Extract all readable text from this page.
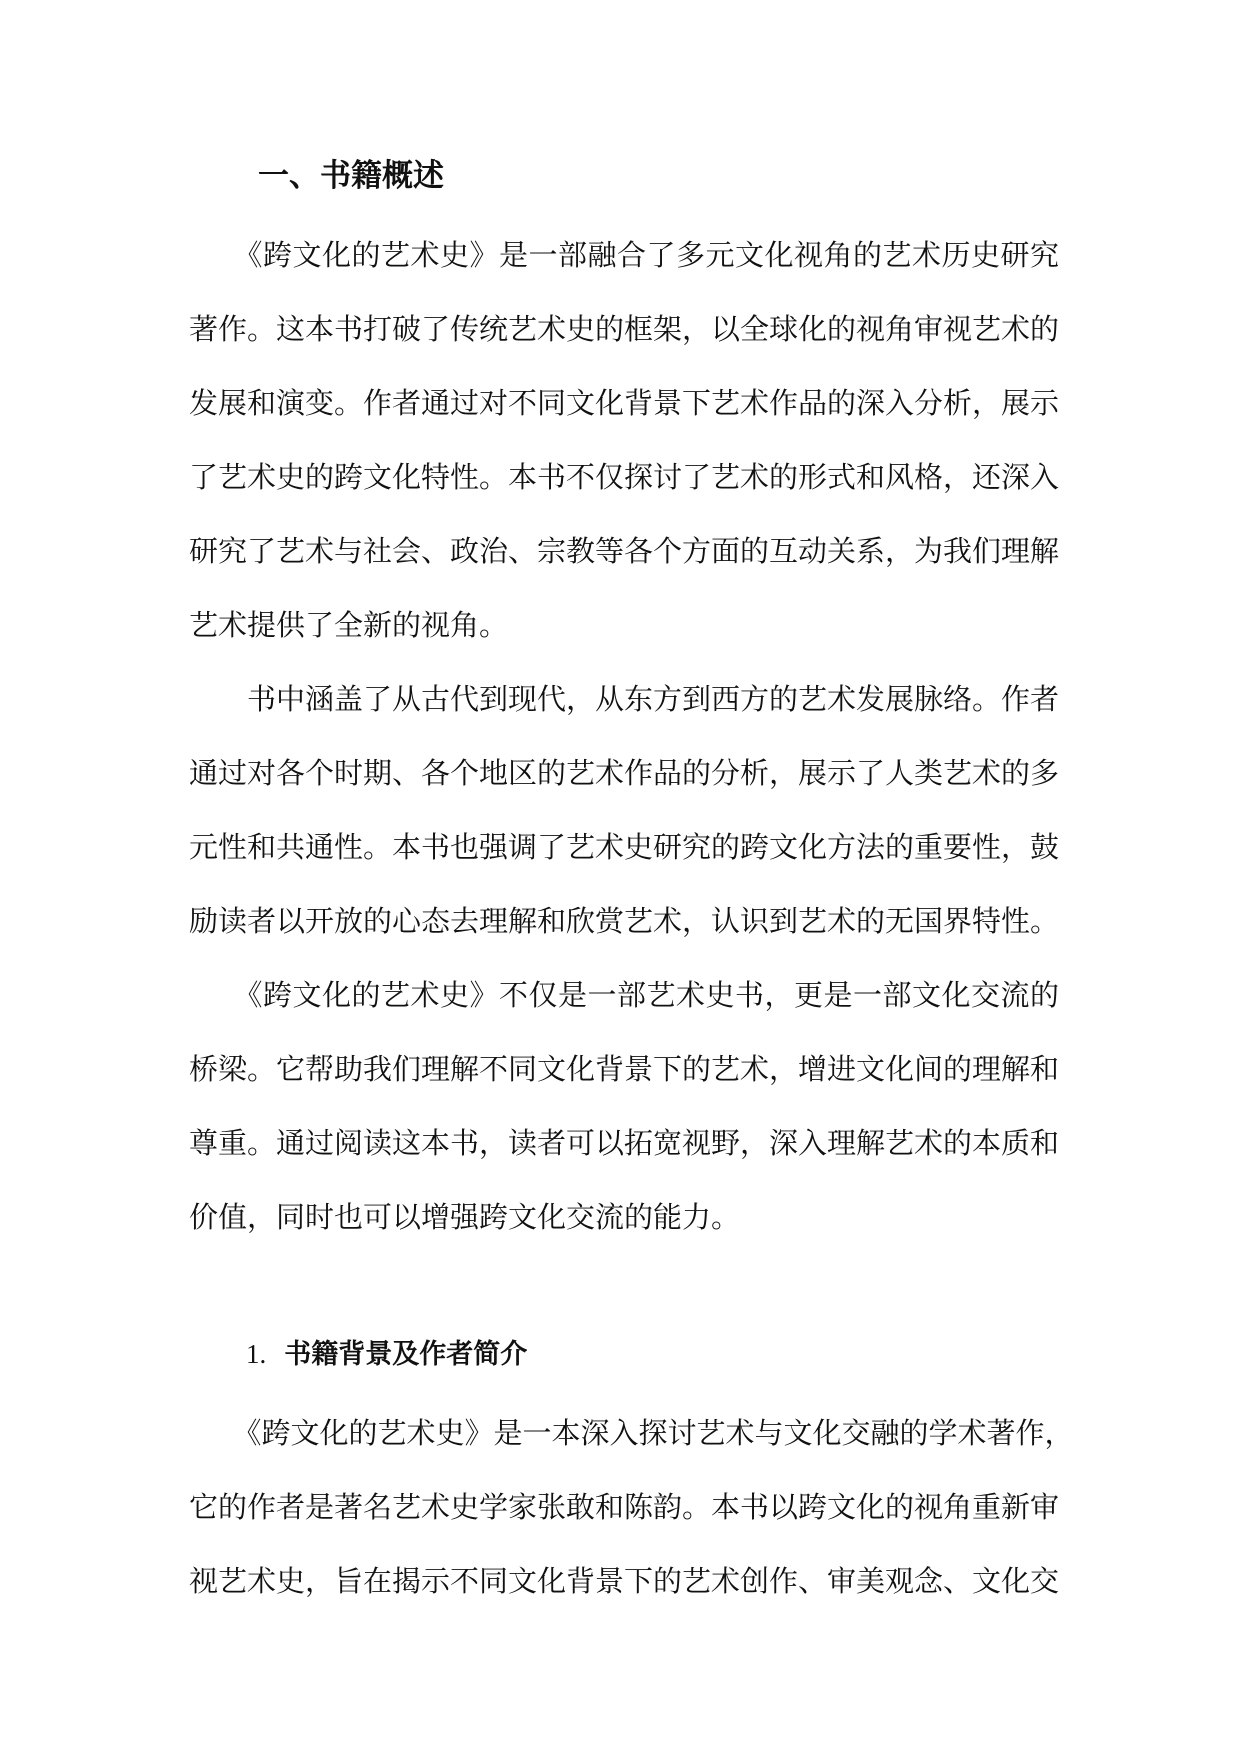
一、书籍概述
　　《跨文化的艺术史》是一部融合了多元文化视角的艺术历史研究
著作。这本书打破了传统艺术史的框架，以全球化的视角审视艺术的
发展和演变。作者通过对不同文化背景下艺术作品的深入分析，展示
了艺术史的跨文化特性。本书不仅探讨了艺术的形式和风格，还深入
研究了艺术与社会、政治、宗教等各个方面的互动关系，为我们理解
艺术提供了全新的视角。
　　书中涵盖了从古代到现代，从东方到西方的艺术发展脉络。作者
通过对各个时期、各个地区的艺术作品的分析，展示了人类艺术的多
元性和共通性。本书也强调了艺术史研究的跨文化方法的重要性，鼓
励读者以开放的心态去理解和欣赏艺术，认识到艺术的无国界特性。
　　《跨文化的艺术史》不仅是一部艺术史书，更是一部文化交流的
桥梁。它帮助我们理解不同文化背景下的艺术，增进文化间的理解和
尊重。通过阅读这本书，读者可以拓宽视野，深入理解艺术的本质和
价值，同时也可以增强跨文化交流的能力。
1. 书籍背景及作者简介
　　《跨文化的艺术史》是一本深入探讨艺术与文化交融的学术著作，
它的作者是著名艺术史学家张敢和陈韵。本书以跨文化的视角重新审
视艺术史，旨在揭示不同文化背景下的艺术创作、审美观念、文化交
